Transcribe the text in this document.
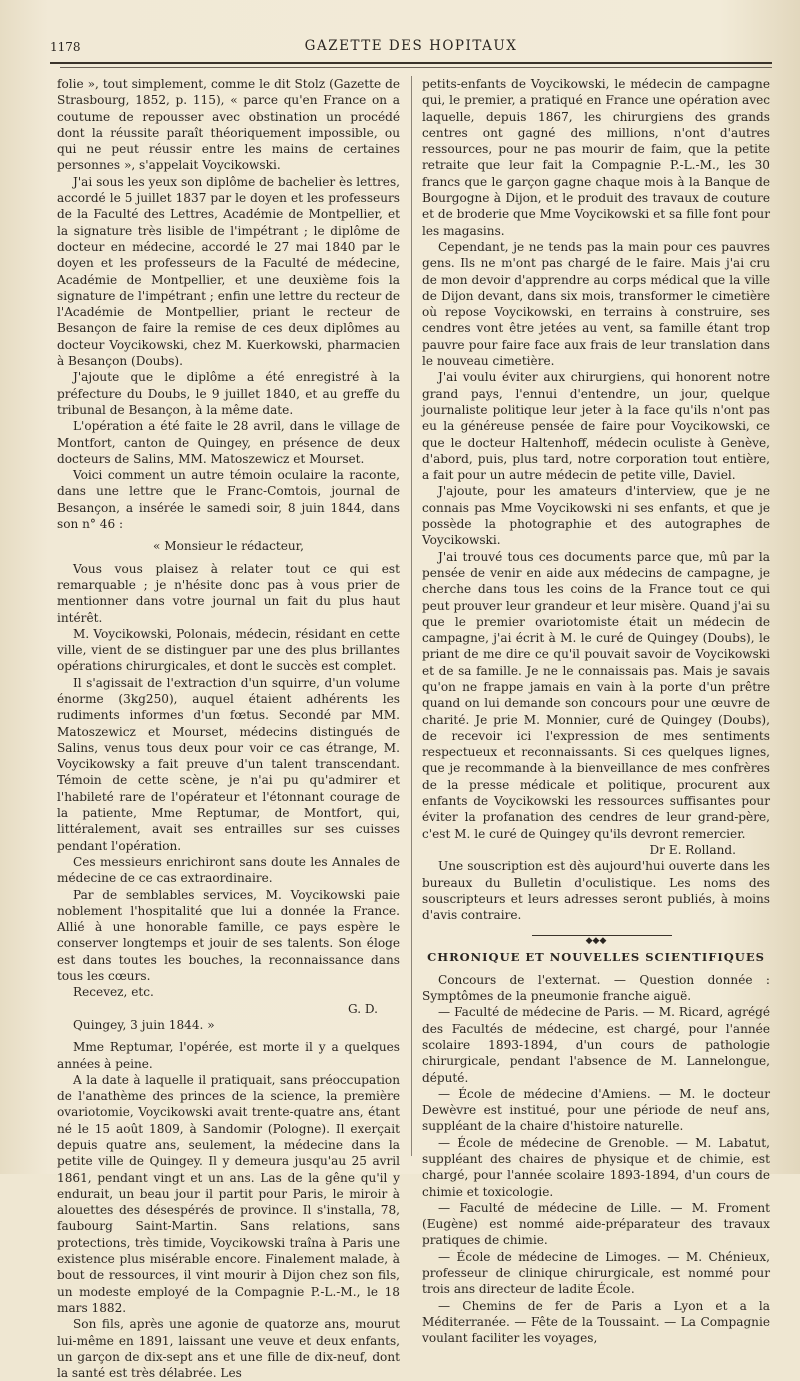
1178	GAZETTE DES HOPITAUX

folie », tout simplement, comme le dit Stolz (Gazette de Strasbourg, 1852, p. 115), « parce qu'en France on a coutume de repousser avec obstination un procédé dont la réussite paraît théoriquement impossible, ou qui ne peut réussir entre les mains de certaines personnes », s'appelait Voycikowski.

J'ai sous les yeux son diplôme de bachelier ès lettres, accordé le 5 juillet 1837 par le doyen et les professeurs de la Faculté des Lettres, Académie de Montpellier, et la signature très lisible de l'impétrant ; le diplôme de docteur en médecine, accordé le 27 mai 1840 par le doyen et les professeurs de la Faculté de médecine, Académie de Montpellier, et une deuxième fois la signature de l'impétrant ; enfin une lettre du recteur de l'Académie de Montpellier, priant le recteur de Besançon de faire la remise de ces deux diplômes au docteur Voycikowski, chez M. Kuerkowski, pharmacien à Besançon (Doubs).

J'ajoute que le diplôme a été enregistré à la préfecture du Doubs, le 9 juillet 1840, et au greffe du tribunal de Besançon, à la même date.

L'opération a été faite le 28 avril, dans le village de Montfort, canton de Quingey, en présence de deux docteurs de Salins, MM. Matoszewicz et Mourset.

Voici comment un autre témoin oculaire la raconte, dans une lettre que le Franc-Comtois, journal de Besançon, a insérée le samedi soir, 8 juin 1844, dans son n° 46 :

« Monsieur le rédacteur,

Vous vous plaisez à relater tout ce qui est remarquable ; je n'hésite donc pas à vous prier de mentionner dans votre journal un fait du plus haut intérêt.

M. Voycikowski, Polonais, médecin, résidant en cette ville, vient de se distinguer par une des plus brillantes opérations chirurgicales, et dont le succès est complet.

Il s'agissait de l'extraction d'un squirre, d'un volume énorme (3kg250), auquel étaient adhérents les rudiments informes d'un fœtus. Secondé par MM. Matoszewicz et Mourset, médecins distingués de Salins, venus tous deux pour voir ce cas étrange, M. Voycikowsky a fait preuve d'un talent transcendant. Témoin de cette scène, je n'ai pu qu'admirer et l'habileté rare de l'opérateur et l'étonnant courage de la patiente, Mme Reptumar, de Montfort, qui, littéralement, avait ses entrailles sur ses cuisses pendant l'opération.

Ces messieurs enrichiront sans doute les Annales de médecine de ce cas extraordinaire.

Par de semblables services, M. Voycikowski paie noblement l'hospitalité que lui a donnée la France. Allié à une honorable famille, ce pays espère le conserver longtemps et jouir de ses talents. Son éloge est dans toutes les bouches, la reconnaissance dans tous les cœurs.

Recevez, etc.

G. D.

Quingey, 3 juin 1844. »

Mme Reptumar, l'opérée, est morte il y a quelques années à peine.

A la date à laquelle il pratiquait, sans préoccupation de l'anathème des princes de la science, la première ovariotomie, Voycikowski avait trente-quatre ans, étant né le 15 août 1809, à Sandomir (Pologne). Il exerçait depuis quatre ans, seulement, la médecine dans la petite ville de Quingey. Il y demeura jusqu'au 25 avril 1861, pendant vingt et un ans. Las de la gêne qu'il y endurait, un beau jour il partit pour Paris, le miroir à alouettes des désespérés de province. Il s'installa, 78, faubourg Saint-Martin. Sans relations, sans protections, très timide, Voycikowski traîna à Paris une existence plus misérable encore. Finalement malade, à bout de ressources, il vint mourir à Dijon chez son fils, un modeste employé de la Compagnie P.-L.-M., le 18 mars 1882.

Son fils, après une agonie de quatorze ans, mourut lui-même en 1891, laissant une veuve et deux enfants, un garçon de dix-sept ans et une fille de dix-neuf, dont la santé est très délabrée. Les

petits-enfants de Voycikowski, le médecin de campagne qui, le premier, a pratiqué en France une opération avec laquelle, depuis 1867, les chirurgiens des grands centres ont gagné des millions, n'ont d'autres ressources, pour ne pas mourir de faim, que la petite retraite que leur fait la Compagnie P.-L.-M., les 30 francs que le garçon gagne chaque mois à la Banque de Bourgogne à Dijon, et le produit des travaux de couture et de broderie que Mme Voycikowski et sa fille font pour les magasins.

Cependant, je ne tends pas la main pour ces pauvres gens. Ils ne m'ont pas chargé de le faire. Mais j'ai cru de mon devoir d'apprendre au corps médical que la ville de Dijon devant, dans six mois, transformer le cimetière où repose Voycikowski, en terrains à construire, ses cendres vont être jetées au vent, sa famille étant trop pauvre pour faire face aux frais de leur translation dans le nouveau cimetière.

J'ai voulu éviter aux chirurgiens, qui honorent notre grand pays, l'ennui d'entendre, un jour, quelque journaliste politique leur jeter à la face qu'ils n'ont pas eu la généreuse pensée de faire pour Voycikowski, ce que le docteur Haltenhoff, médecin oculiste à Genève, d'abord, puis, plus tard, notre corporation tout entière, a fait pour un autre médecin de petite ville, Daviel.

J'ajoute, pour les amateurs d'interview, que je ne connais pas Mme Voycikowski ni ses enfants, et que je possède la photographie et des autographes de Voycikowski.

J'ai trouvé tous ces documents parce que, mû par la pensée de venir en aide aux médecins de campagne, je cherche dans tous les coins de la France tout ce qui peut prouver leur grandeur et leur misère. Quand j'ai su que le premier ovariotomiste était un médecin de campagne, j'ai écrit à M. le curé de Quingey (Doubs), le priant de me dire ce qu'il pouvait savoir de Voycikowski et de sa famille. Je ne le connaissais pas. Mais je savais qu'on ne frappe jamais en vain à la porte d'un prêtre quand on lui demande son concours pour une œuvre de charité. Je prie M. Monnier, curé de Quingey (Doubs), de recevoir ici l'expression de mes sentiments respectueux et reconnaissants. Si ces quelques lignes, que je recommande à la bienveillance de mes confrères de la presse médicale et politique, procurent aux enfants de Voycikowski les ressources suffisantes pour éviter la profanation des cendres de leur grand-père, c'est M. le curé de Quingey qu'ils devront remercier.

Dr E. Rolland.

Une souscription est dès aujourd'hui ouverte dans les bureaux du Bulletin d'oculistique. Les noms des souscripteurs et leurs adresses seront publiés, à moins d'avis contraire.

◆◆◆

CHRONIQUE ET NOUVELLES SCIENTIFIQUES

Concours de l'externat. — Question donnée : Symptômes de la pneumonie franche aiguë.

— Faculté de médecine de Paris. — M. Ricard, agrégé des Facultés de médecine, est chargé, pour l'année scolaire 1893-1894, d'un cours de pathologie chirurgicale, pendant l'absence de M. Lannelongue, député.

— École de médecine d'Amiens. — M. le docteur Dewèvre est institué, pour une période de neuf ans, suppléant de la chaire d'histoire naturelle.

— École de médecine de Grenoble. — M. Labatut, suppléant des chaires de physique et de chimie, est chargé, pour l'année scolaire 1893-1894, d'un cours de chimie et toxicologie.

— Faculté de médecine de Lille. — M. Froment (Eugène) est nommé aide-préparateur des travaux pratiques de chimie.

— École de médecine de Limoges. — M. Chénieux, professeur de clinique chirurgicale, est nommé pour trois ans directeur de ladite École.

— Chemins de fer de Paris a Lyon et a la Méditerranée. — Fête de la Toussaint. — La Compagnie voulant faciliter les voyages,
